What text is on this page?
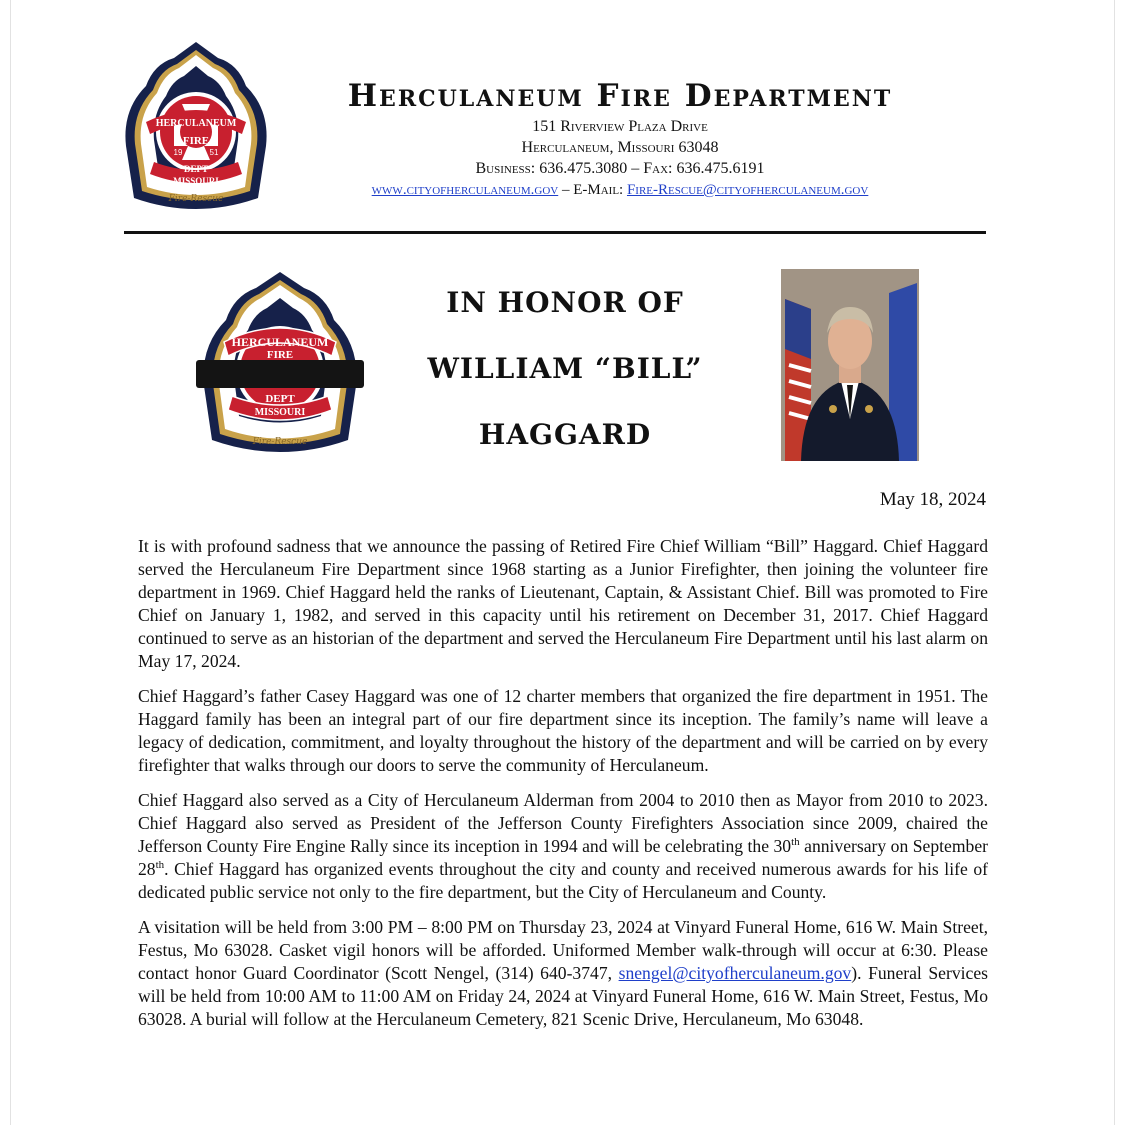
HERCULANEUM
FIRE
19 HD 51
DEPT
MISSOURI
Fire-Rescue

Herculaneum Fire Department

151 Riverview Plaza Drive

Herculaneum, Missouri 63048

Business: 636.475.3080 – Fax: 636.475.6191

www.cityofherculaneum.gov – E-Mail: Fire-Rescue@cityofherculaneum.gov

HERCULANEUM
FIRE
DEPT
MISSOURI
Fire-Rescue

IN HONOR OF

WILLIAM “BILL”

HAGGARD

May 18, 2024

It is with profound sadness that we announce the passing of Retired Fire Chief William “Bill” Haggard. Chief Haggard served the Herculaneum Fire Department since 1968 starting as a Junior Firefighter, then joining the volunteer fire department in 1969. Chief Haggard held the ranks of Lieutenant, Captain, & Assistant Chief. Bill was promoted to Fire Chief on January 1, 1982, and served in this capacity until his retirement on December 31, 2017. Chief Haggard continued to serve as an historian of the department and served the Herculaneum Fire Department until his last alarm on May 17, 2024.

Chief Haggard’s father Casey Haggard was one of 12 charter members that organized the fire department in 1951. The Haggard family has been an integral part of our fire department since its inception. The family’s name will leave a legacy of dedication, commitment, and loyalty throughout the history of the department and will be carried on by every firefighter that walks through our doors to serve the community of Herculaneum.

Chief Haggard also served as a City of Herculaneum Alderman from 2004 to 2010 then as Mayor from 2010 to 2023. Chief Haggard also served as President of the Jefferson County Firefighters Association since 2009, chaired the Jefferson County Fire Engine Rally since its inception in 1994 and will be celebrating the 30th anniversary on September 28th. Chief Haggard has organized events throughout the city and county and received numerous awards for his life of dedicated public service not only to the fire department, but the City of Herculaneum and County.

A visitation will be held from 3:00 PM – 8:00 PM on Thursday 23, 2024 at Vinyard Funeral Home, 616 W. Main Street, Festus, Mo 63028. Casket vigil honors will be afforded. Uniformed Member walk-through will occur at 6:30. Please contact honor Guard Coordinator (Scott Nengel, (314) 640-3747, snengel@cityofherculaneum.gov). Funeral Services will be held from 10:00 AM to 11:00 AM on Friday 24, 2024 at Vinyard Funeral Home, 616 W. Main Street, Festus, Mo 63028. A burial will follow at the Herculaneum Cemetery, 821 Scenic Drive, Herculaneum, Mo 63048.
